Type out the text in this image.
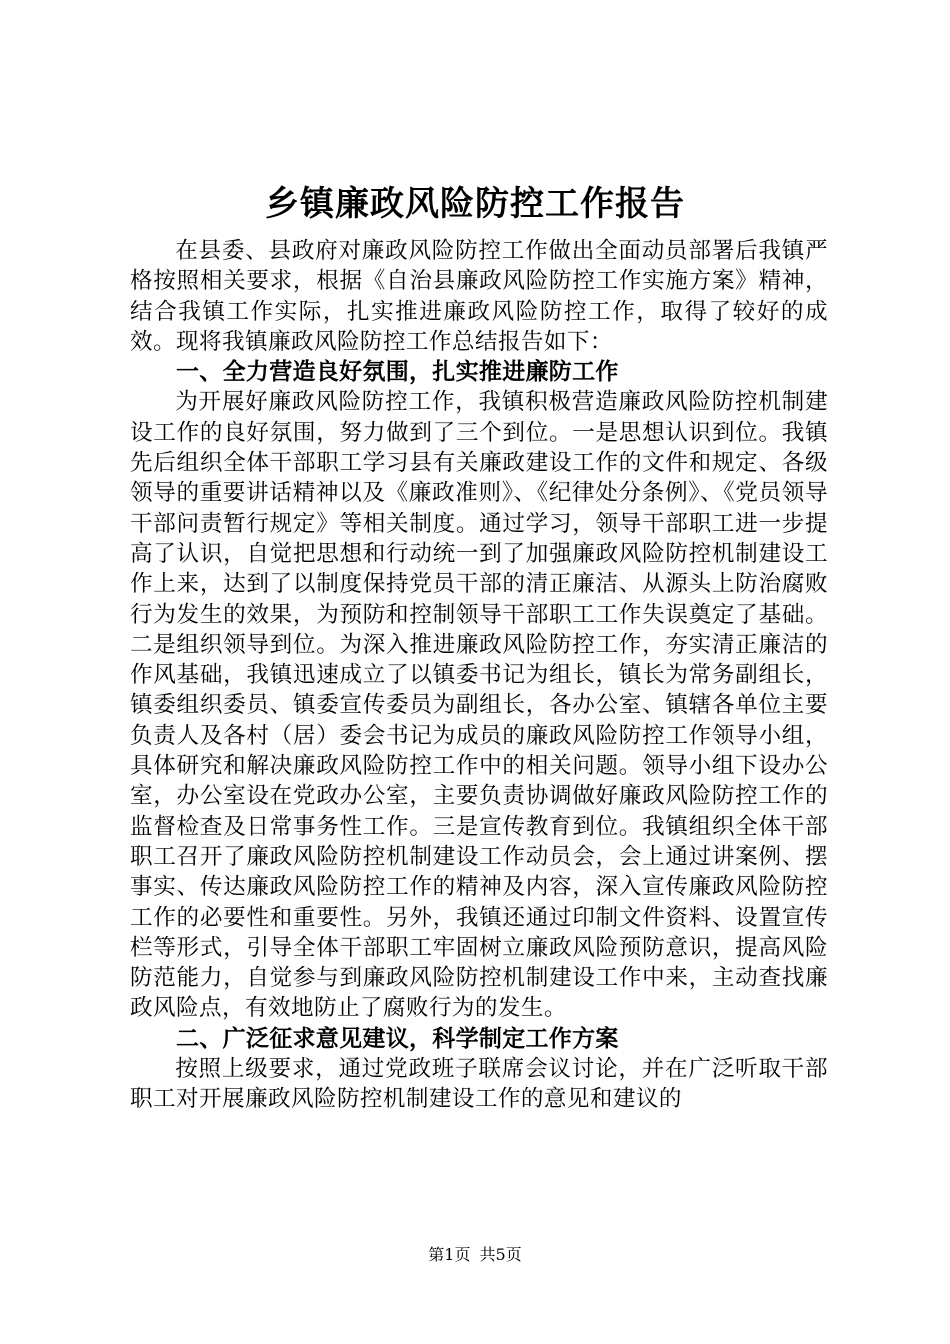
乡镇廉政风险防控工作报告

在县委、县政府对廉政风险防控工作做出全面动员部署后我镇严格按照相关要求，根据《自治县廉政风险防控工作实施方案》精神，结合我镇工作实际，扎实推进廉政风险防控工作，取得了较好的成效。现将我镇廉政风险防控工作总结报告如下：

一、全力营造良好氛围，扎实推进廉防工作

为开展好廉政风险防控工作，我镇积极营造廉政风险防控机制建设工作的良好氛围，努力做到了三个到位。一是思想认识到位。我镇先后组织全体干部职工学习县有关廉政建设工作的文件和规定、各级领导的重要讲话精神以及《廉政准则》、《纪律处分条例》、《党员领导干部问责暂行规定》等相关制度。通过学习，领导干部职工进一步提高了认识，自觉把思想和行动统一到了加强廉政风险防控机制建设工作上来，达到了以制度保持党员干部的清正廉洁、从源头上防治腐败行为发生的效果，为预防和控制领导干部职工工作失误奠定了基础。二是组织领导到位。为深入推进廉政风险防控工作，夯实清正廉洁的作风基础，我镇迅速成立了以镇委书记为组长，镇长为常务副组长，镇委组织委员、镇委宣传委员为副组长，各办公室、镇辖各单位主要负责人及各村（居）委会书记为成员的廉政风险防控工作领导小组，具体研究和解决廉政风险防控工作中的相关问题。领导小组下设办公室，办公室设在党政办公室，主要负责协调做好廉政风险防控工作的监督检查及日常事务性工作。三是宣传教育到位。我镇组织全体干部职工召开了廉政风险防控机制建设工作动员会，会上通过讲案例、摆事实、传达廉政风险防控工作的精神及内容，深入宣传廉政风险防控工作的必要性和重要性。另外，我镇还通过印制文件资料、设置宣传栏等形式，引导全体干部职工牢固树立廉政风险预防意识，提高风险防范能力，自觉参与到廉政风险防控机制建设工作中来，主动查找廉政风险点，有效地防止了腐败行为的发生。

二、广泛征求意见建议，科学制定工作方案

按照上级要求，通过党政班子联席会议讨论，并在广泛听取干部职工对开展廉政风险防控机制建设工作的意见和建议的

第1页 共5页
